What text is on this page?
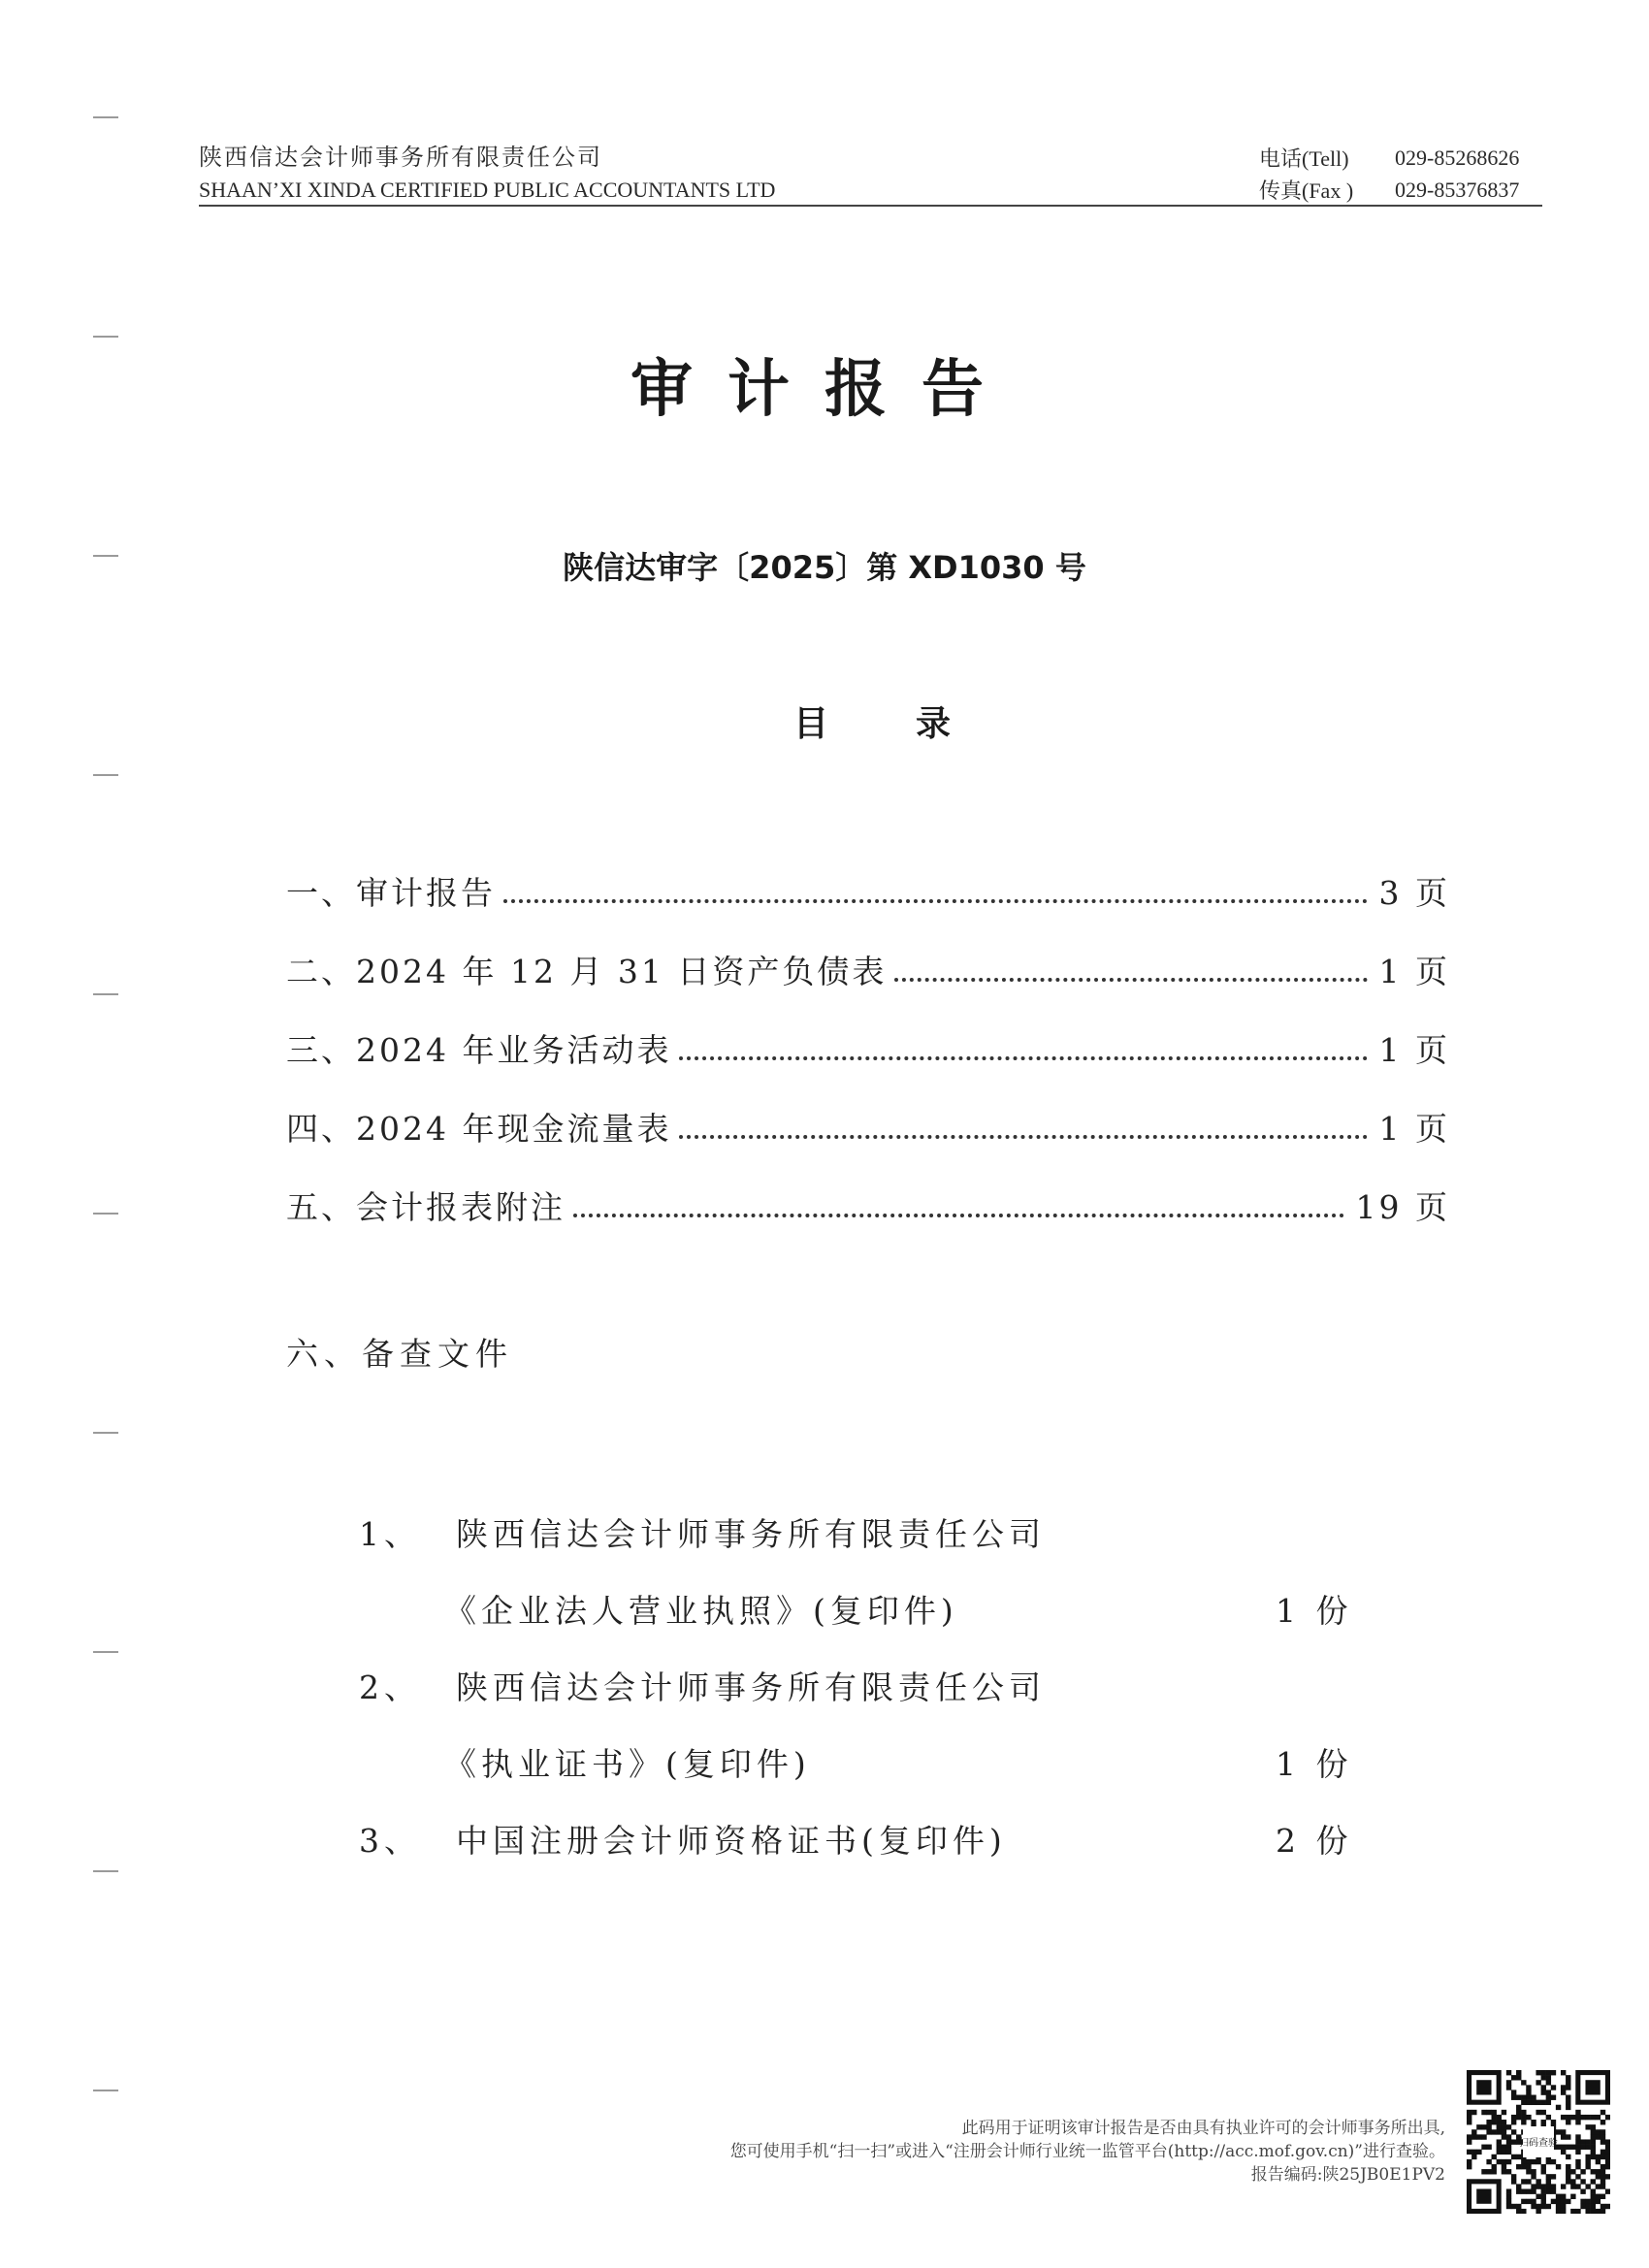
陕西信达会计师事务所有限责任公司
SHAAN’XI XINDA CERTIFIED PUBLIC ACCOUNTANTS LTD
电话(Tell)	029-85268626
传真(Fax )	029-85376837
审计报告
陕信达审字〔2025〕第 XD1030 号
目录
一、审计报告	3 页
二、2024 年 12 月 31 日资产负债表	1 页
三、2024 年业务活动表	1 页
四、2024 年现金流量表	1 页
五、会计报表附注	19 页
六、备查文件
1、	陕西信达会计师事务所有限责任公司
《企业法人营业执照》(复印件)	1 份
2、	陕西信达会计师事务所有限责任公司
《执业证书》(复印件)	1 份
3、	中国注册会计师资格证书(复印件)	2 份
此码用于证明该审计报告是否由具有执业许可的会计师事务所出具,
您可使用手机“扫一扫”或进入“注册会计师行业统一监管平台(http://acc.mof.gov.cn)”进行查验。
报告编码:陕25JB0E1PV2
扫码查验
